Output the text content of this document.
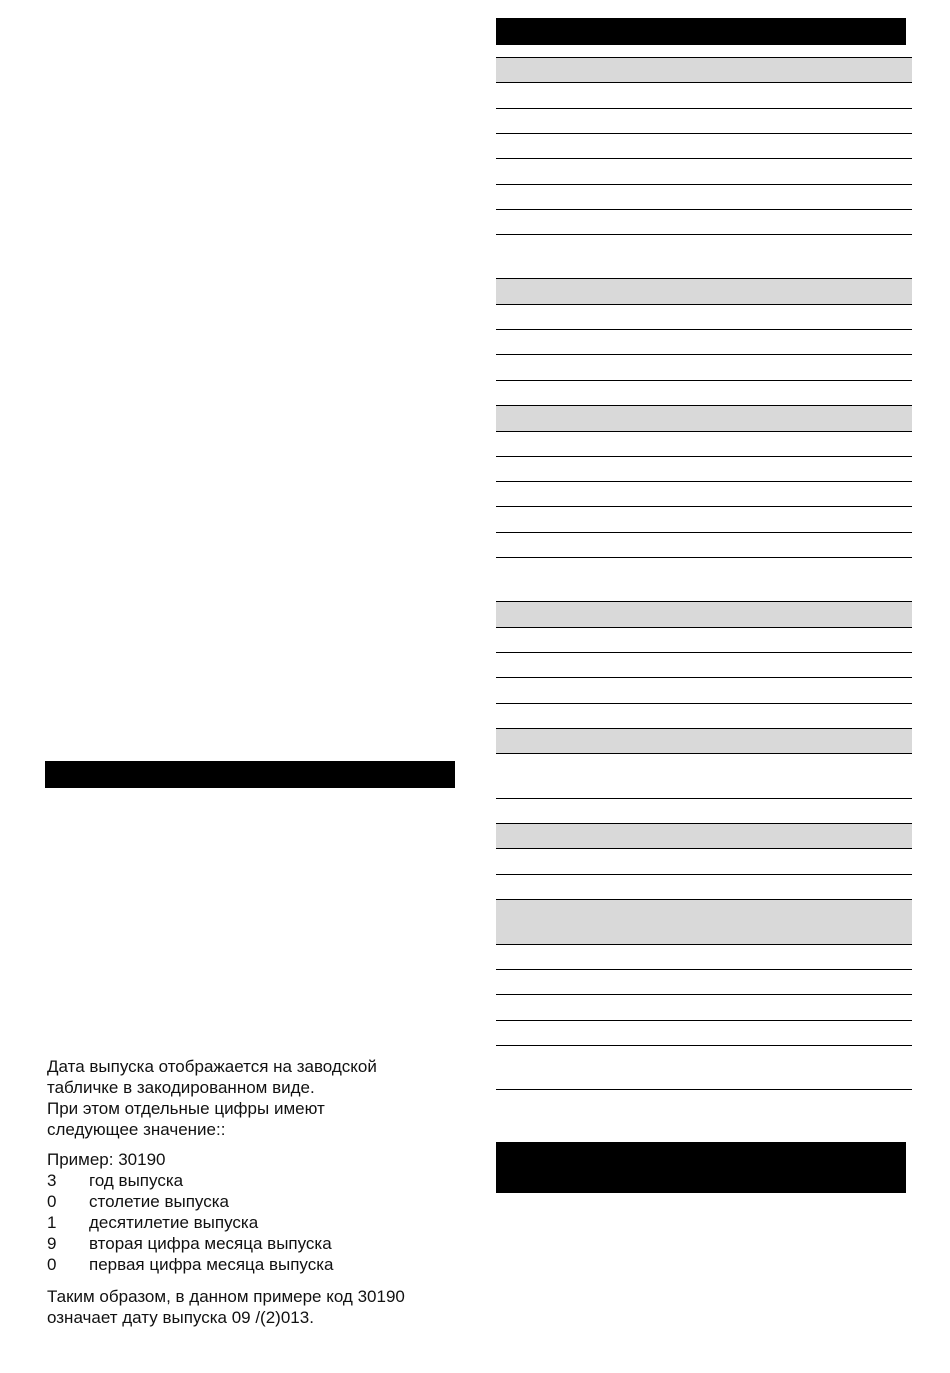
Дата выпуска отображается на заводской
табличке в закодированном виде.
При этом отдельные цифры имеют
следующее значение::

Пример: 30190

3	год выпуска
0	столетие выпуска
1	десятилетие выпуска
9	вторая цифра месяца выпуска
0	первая цифра месяца выпуска

Таким образом, в данном примере код 30190
означает дату выпуска 09 /(2)013.
